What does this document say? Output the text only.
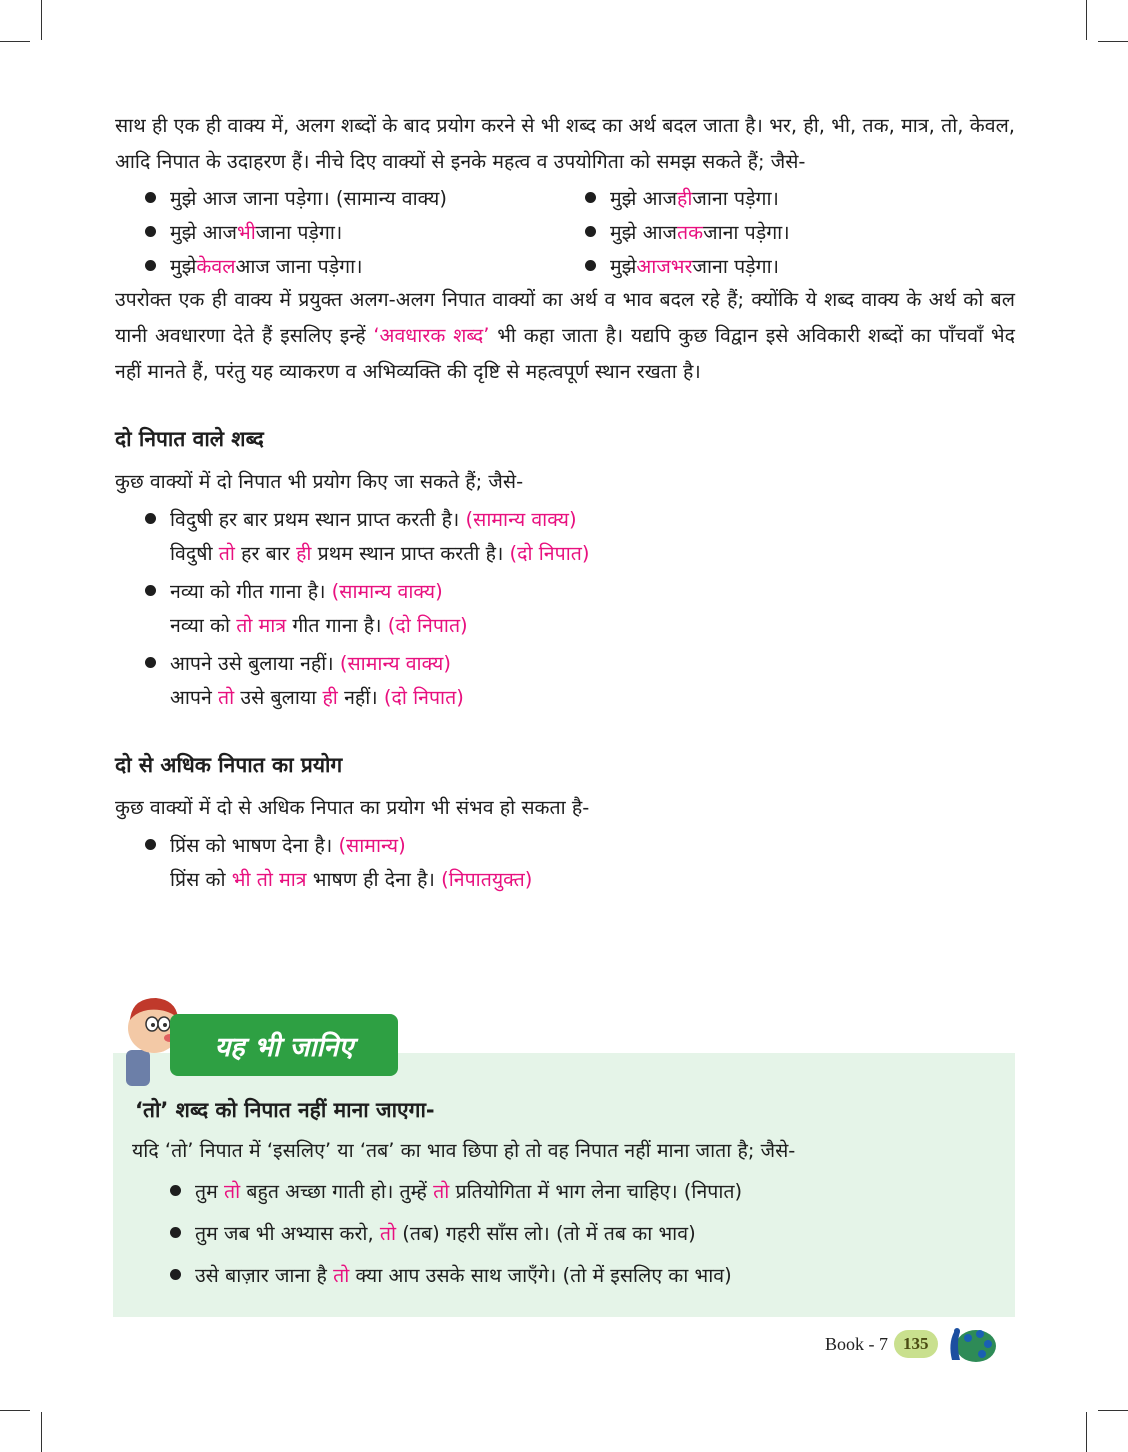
साथ ही एक ही वाक्य में, अलग शब्दों के बाद प्रयोग करने से भी शब्द का अर्थ बदल जाता है। भर, ही, भी, तक, मात्र, तो, केवल, आदि निपात के उदाहरण हैं। नीचे दिए वाक्यों से इनके महत्व व उपयोगिता को समझ सकते हैं; जैसे-

मुझे आज जाना पड़ेगा। (सामान्य वाक्य)	मुझे आज ही जाना पड़ेगा।
मुझे आज भी जाना पड़ेगा।	मुझे आज तक जाना पड़ेगा।
मुझे केवल आज जाना पड़ेगा।	मुझे आजभर जाना पड़ेगा।

उपरोक्त एक ही वाक्य में प्रयुक्त अलग-अलग निपात वाक्यों का अर्थ व भाव बदल रहे हैं; क्योंकि ये शब्द वाक्य के अर्थ को बल यानी अवधारणा देते हैं इसलिए इन्हें ‘अवधारक शब्द’ भी कहा जाता है। यद्यपि कुछ विद्वान इसे अविकारी शब्दों का पाँचवाँ भेद नहीं मानते हैं, परंतु यह व्याकरण व अभिव्यक्ति की दृष्टि से महत्वपूर्ण स्थान रखता है।

दो निपात वाले शब्द

कुछ वाक्यों में दो निपात भी प्रयोग किए जा सकते हैं; जैसे-

विदुषी हर बार प्रथम स्थान प्राप्त करती है।
(सामान्य वाक्य)
विदुषी तो हर बार ही प्रथम स्थान प्राप्त करती है। (दो निपात)
नव्या को गीत गाना है।
(सामान्य वाक्य)
नव्या को तो मात्र गीत गाना है। (दो निपात)
आपने उसे बुलाया नहीं।
(सामान्य वाक्य)
आपने तो उसे बुलाया ही नहीं। (दो निपात)
दो से अधिक निपात का प्रयोग

कुछ वाक्यों में दो से अधिक निपात का प्रयोग भी संभव हो सकता है-

प्रिंस को भाषण देना है।
(सामान्य)
प्रिंस को भी तो मात्र भाषण ही देना है। (निपातयुक्त)
यह भी जानिए
‘तो’ शब्द को निपात नहीं माना जाएगा-

यदि ‘तो’ निपात में ‘इसलिए’ या ‘तब’ का भाव छिपा हो तो वह निपात नहीं माना जाता है; जैसे-

तुम
तो
बहुत अच्छा गाती हो। तुम्हें
तो
प्रतियोगिता में भाग लेना चाहिए। (निपात)
तुम जब भी अभ्यास करो,
तो
(तब) गहरी साँस लो। (तो में तब का भाव)
उसे बाज़ार जाना है
तो
क्या आप उसके साथ जाएँगे। (तो में इसलिए का भाव)
Book - 7 135
